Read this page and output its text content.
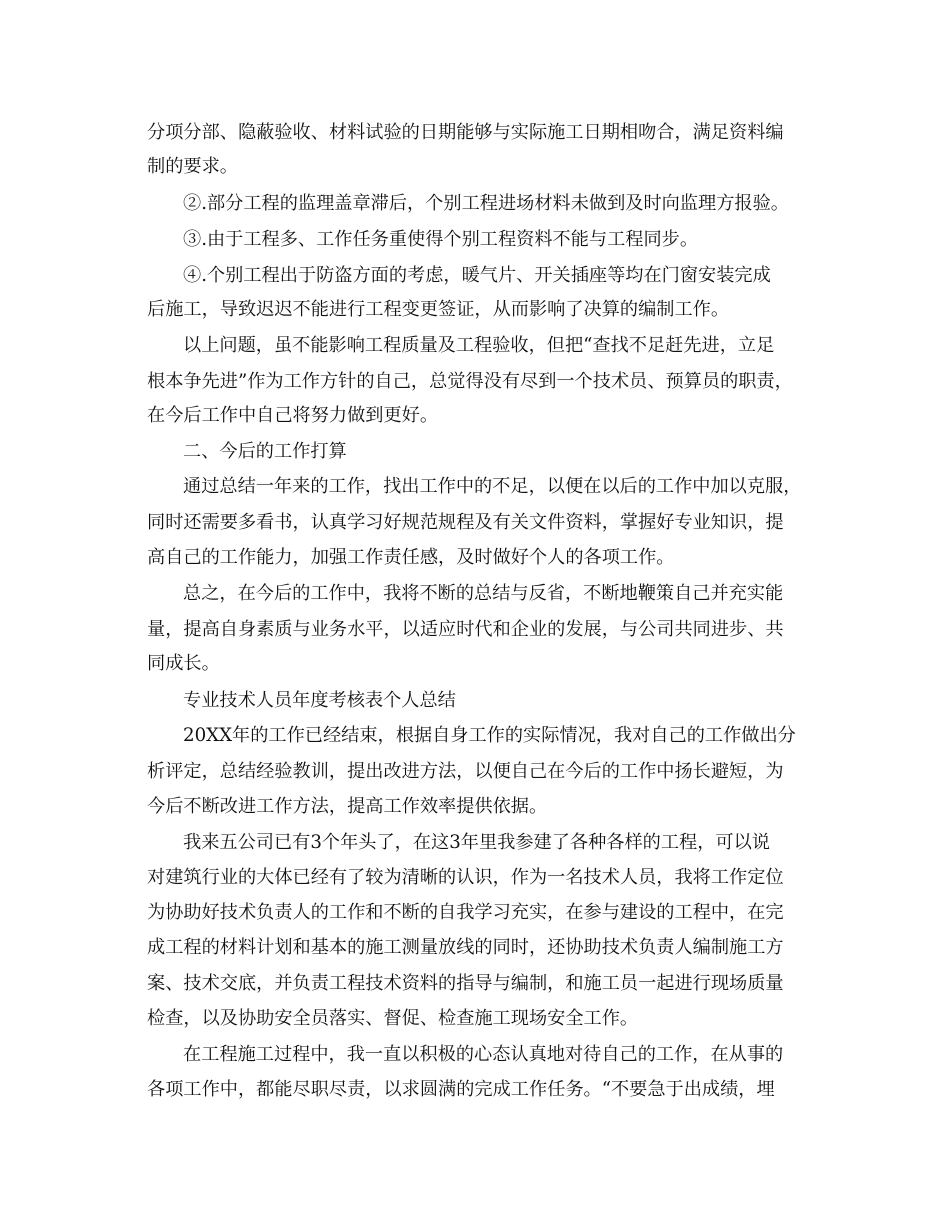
分项分部、隐蔽验收、材料试验的日期能够与实际施工日期相吻合，满足资料编
制的要求。
②.部分工程的监理盖章滞后，个别工程进场材料未做到及时向监理方报验。
③.由于工程多、工作任务重使得个别工程资料不能与工程同步。
④.个别工程出于防盗方面的考虑，暖气片、开关插座等均在门窗安装完成
后施工，导致迟迟不能进行工程变更签证，从而影响了决算的编制工作。
以上问题，虽不能影响工程质量及工程验收，但把“查找不足赶先进，立足
根本争先进”作为工作方针的自己，总觉得没有尽到一个技术员、预算员的职责，
在今后工作中自己将努力做到更好。
二、今后的工作打算
通过总结一年来的工作，找出工作中的不足，以便在以后的工作中加以克服，
同时还需要多看书，认真学习好规范规程及有关文件资料，掌握好专业知识，提
高自己的工作能力，加强工作责任感，及时做好个人的各项工作。
总之，在今后的工作中，我将不断的总结与反省，不断地鞭策自己并充实能
量，提高自身素质与业务水平，以适应时代和企业的发展，与公司共同进步、共
同成长。
专业技术人员年度考核表个人总结
20XX年的工作已经结束，根据自身工作的实际情况，我对自己的工作做出分
析评定，总结经验教训，提出改进方法，以便自己在今后的工作中扬长避短，为
今后不断改进工作方法，提高工作效率提供依据。
我来五公司已有3个年头了，在这3年里我参建了各种各样的工程，可以说
对建筑行业的大体已经有了较为清晰的认识，作为一名技术人员，我将工作定位
为协助好技术负责人的工作和不断的自我学习充实，在参与建设的工程中，在完
成工程的材料计划和基本的施工测量放线的同时，还协助技术负责人编制施工方
案、技术交底，并负责工程技术资料的指导与编制，和施工员一起进行现场质量
检查，以及协助安全员落实、督促、检查施工现场安全工作。
在工程施工过程中，我一直以积极的心态认真地对待自己的工作，在从事的
各项工作中，都能尽职尽责，以求圆满的完成工作任务。“不要急于出成绩，埋
